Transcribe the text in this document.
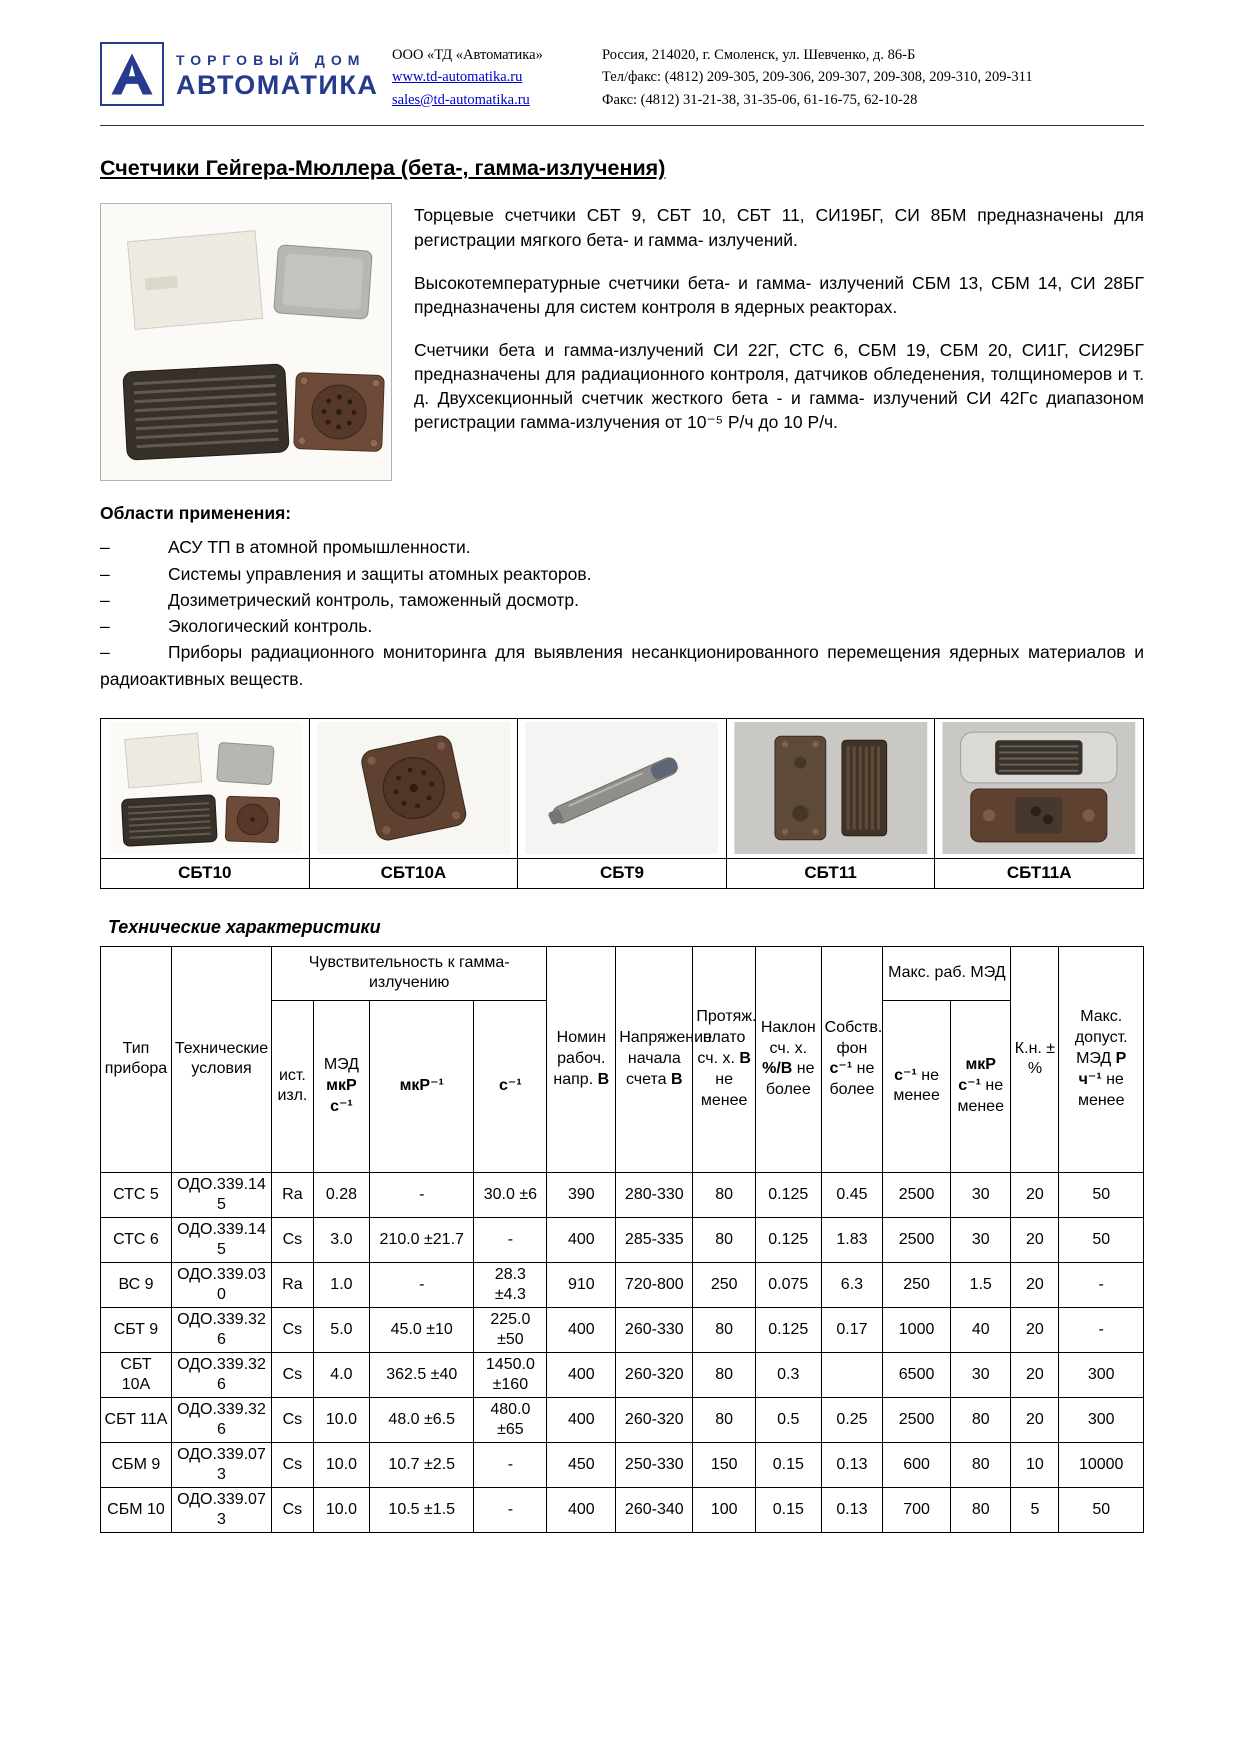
ТОРГОВЫЙ ДОМ
АВТОМАТИКА
ООО «ТД «Автоматика»
www.td-automatika.ru
sales@td-automatika.ru
Россия, 214020, г. Смоленск, ул. Шевченко, д. 86-Б
Тел/факс: (4812) 209-305, 209-306, 209-307, 209-308, 209-310, 209-311
Факс: (4812) 31-21-38, 31-35-06, 61-16-75, 62-10-28
Счетчики Гейгера-Мюллера (бета-, гамма-излучения)

Торцевые счетчики СБТ 9, СБТ 10, СБТ 11, СИ19БГ, СИ 8БМ предназначены для регистрации мягкого бета- и гамма- излучений.

Высокотемпературные счетчики бета- и гамма- излучений СБМ 13, СБМ 14, СИ 28БГ предназначены для систем контроля в ядерных реакторах.

Счетчики бета и гамма-излучений СИ 22Г, СТС 6, СБМ 19, СБМ 20, СИ1Г, СИ29БГ предназначены для радиационного контроля, датчиков обледенения, толщиномеров и т. д. Двухсекционный счетчик жесткого бета - и гамма- излучений СИ 42Гс диапазоном регистрации гамма-излучения от 10⁻⁵ Р/ч до 10 Р/ч.

Области применения:
–	АСУ ТП в атомной промышленности.
–	Системы управления и защиты атомных реакторов.
–	Дозиметрический контроль, таможенный досмотр.
–	Экологический контроль.
–	Приборы радиационного мониторинга для выявления несанкционированного перемещения ядерных материалов и радиоактивных веществ.

СБТ10	СБТ10А	СБТ9	СБТ11	СБТ11А
Технические характеристики
Тип прибора	Технические условия	Чувствительность к гамма-излучению				Номин рабоч. напр. В	Напряжение начала счета В	Протяж. плато сч. х. В не менее	Наклон сч. х. %/В не более	Собств. фон с⁻¹ не более	Макс. раб. МЭД		К.н. ± %	Макс. допуст. МЭД Р ч⁻¹ не менее
		ист. изл.	МЭД мкР с⁻¹	мкР⁻¹	с⁻¹						с⁻¹ не менее	мкР с⁻¹ не менее		
СТС 5	ОДО.339.145	Ra	0.28	-	30.0 ±6	390	280-330	80	0.125	0.45	2500	30	20	50
СТС 6	ОДО.339.145	Cs	3.0	210.0 ±21.7	-	400	285-335	80	0.125	1.83	2500	30	20	50
ВС 9	ОДО.339.030	Ra	1.0	-	28.3 ±4.3	910	720-800	250	0.075	6.3	250	1.5	20	-
СБТ 9	ОДО.339.326	Cs	5.0	45.0 ±10	225.0 ±50	400	260-330	80	0.125	0.17	1000	40	20	-
СБТ 10А	ОДО.339.326	Cs	4.0	362.5 ±40	1450.0 ±160	400	260-320	80	0.3		6500	30	20	300
СБТ 11А	ОДО.339.326	Cs	10.0	48.0 ±6.5	480.0 ±65	400	260-320	80	0.5	0.25	2500	80	20	300
СБМ 9	ОДО.339.073	Cs	10.0	10.7 ±2.5	-	450	250-330	150	0.15	0.13	600	80	10	10000
СБМ 10	ОДО.339.073	Cs	10.0	10.5 ±1.5	-	400	260-340	100	0.15	0.13	700	80	5	50
